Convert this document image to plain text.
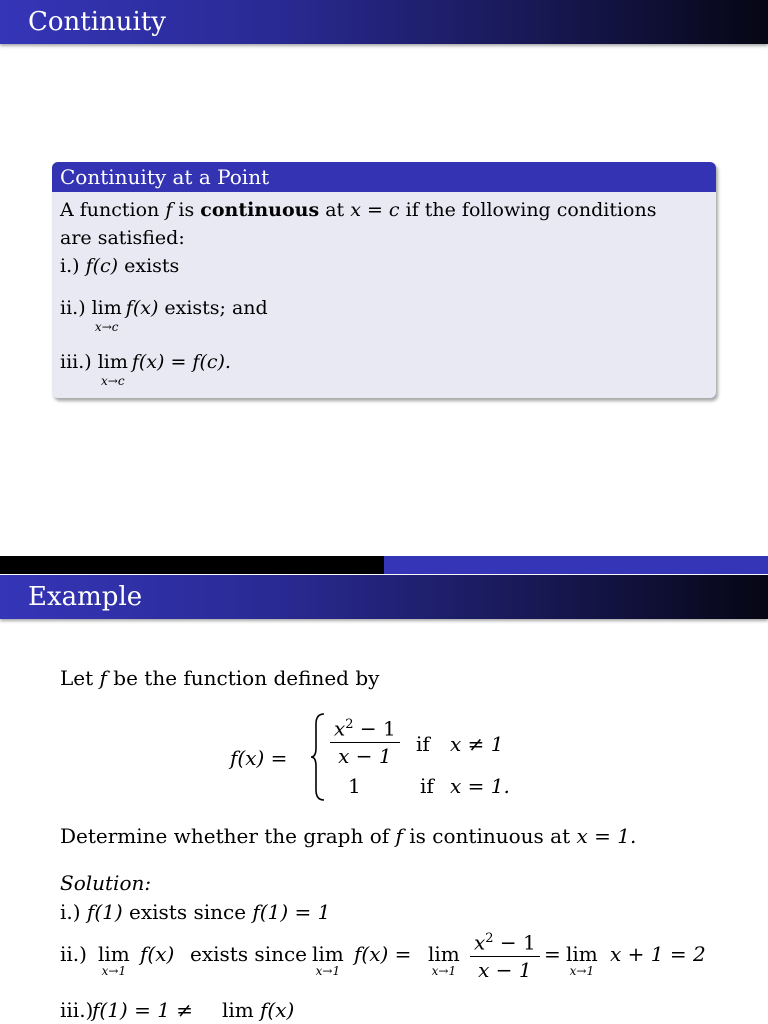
Continuity
Continuity at a Point
A function f is continuous at x = c if the following conditions
are satisfied:
i.) f(c) exists
ii.) lim
x→c
f(x) exists; and
iii.) lim
x→c
f(x) = f(c).
Example
Let f be the function defined by
$f(x) = \frac{x^2 - 1}{x - 1}$ if x ≠ 1
1	if x = 1.
Determine whether the graph of f is continuous at x = 1.
Solution:
i.) f(1) exists since f(1) = 1
ii.) lim
x→1
f(x) exists since lim
x→1
f(x) = lim
$x\to 1 \frac{x^2 - 1}{x - 1} = \lim$
x→1
x + 1 = 2
iii.)
f(1) = 1 ≠ lim f(x)
